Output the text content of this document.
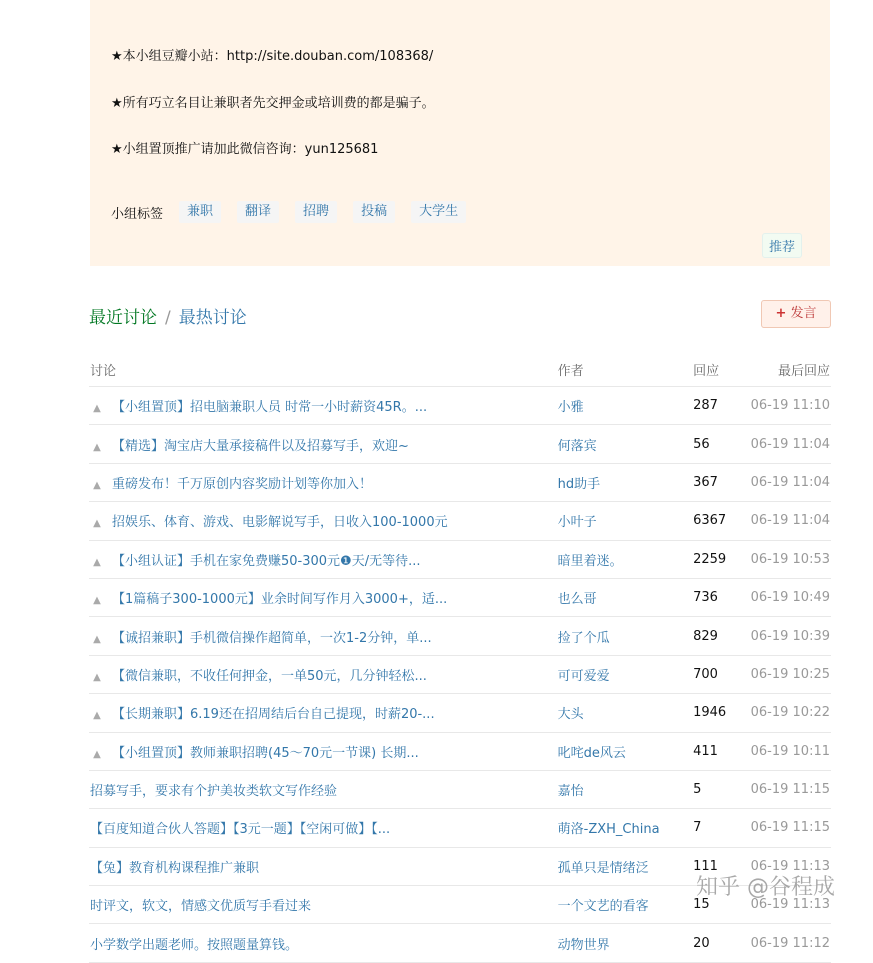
★本小组豆瓣小站：http://site.douban.com/108368/

★所有巧立名目让兼职者先交押金或培训费的都是骗子。

★小组置顶推广请加此微信咨询：yun125681

小组标签	兼职	翻译	招聘	投稿	大学生
推荐
最近讨论 / 最热讨论	+ 发言
讨论	作者	回应	最后回应
▲ 【小组置顶】招电脑兼职人员 时常一小时薪资45R。...	小雅	287	06-19 11:10
▲ 【精选】淘宝店大量承接稿件以及招募写手，欢迎~	何落宾	56	06-19 11:04
▲ 重磅发布！千万原创内容奖励计划等你加入！	hd助手	367	06-19 11:04
▲ 招娱乐、体育、游戏、电影解说写手，日收入100-1000元	小叶子	6367	06-19 11:04
▲ 【小组认证】手机在家免费赚50-300元❶天/无等待...	暗里着迷。	2259	06-19 10:53
▲ 【1篇稿子300-1000元】业余时间写作月入3000+，适...	也么哥	736	06-19 10:49
▲ 【诚招兼职】手机微信操作超简单，一次1-2分钟，单...	捡了个瓜	829	06-19 10:39
▲ 【微信兼职，不收任何押金，一单50元，几分钟轻松...	可可爱爱	700	06-19 10:25
▲ 【长期兼职】6.19还在招周结后台自己提现，时薪20-...	大头	1946	06-19 10:22
▲ 【小组置顶】教师兼职招聘(45～70元一节课) 长期...	叱咤de风云	411	06-19 10:11
招募写手，要求有个护美妆类软文写作经验	嘉怡	5	06-19 11:15
【百度知道合伙人答题】【3元一题】【空闲可做】【...	萌洛-ZXH_China	7	06-19 11:15
【兔】教育机构课程推广兼职	孤单只是情绪泛	111	06-19 11:13
时评文，软文，情感文优质写手看过来	一个文艺的看客	15	06-19 11:13
小学数学出题老师。按照题量算钱。	动物世界	20	06-19 11:12
知乎 @谷程成
